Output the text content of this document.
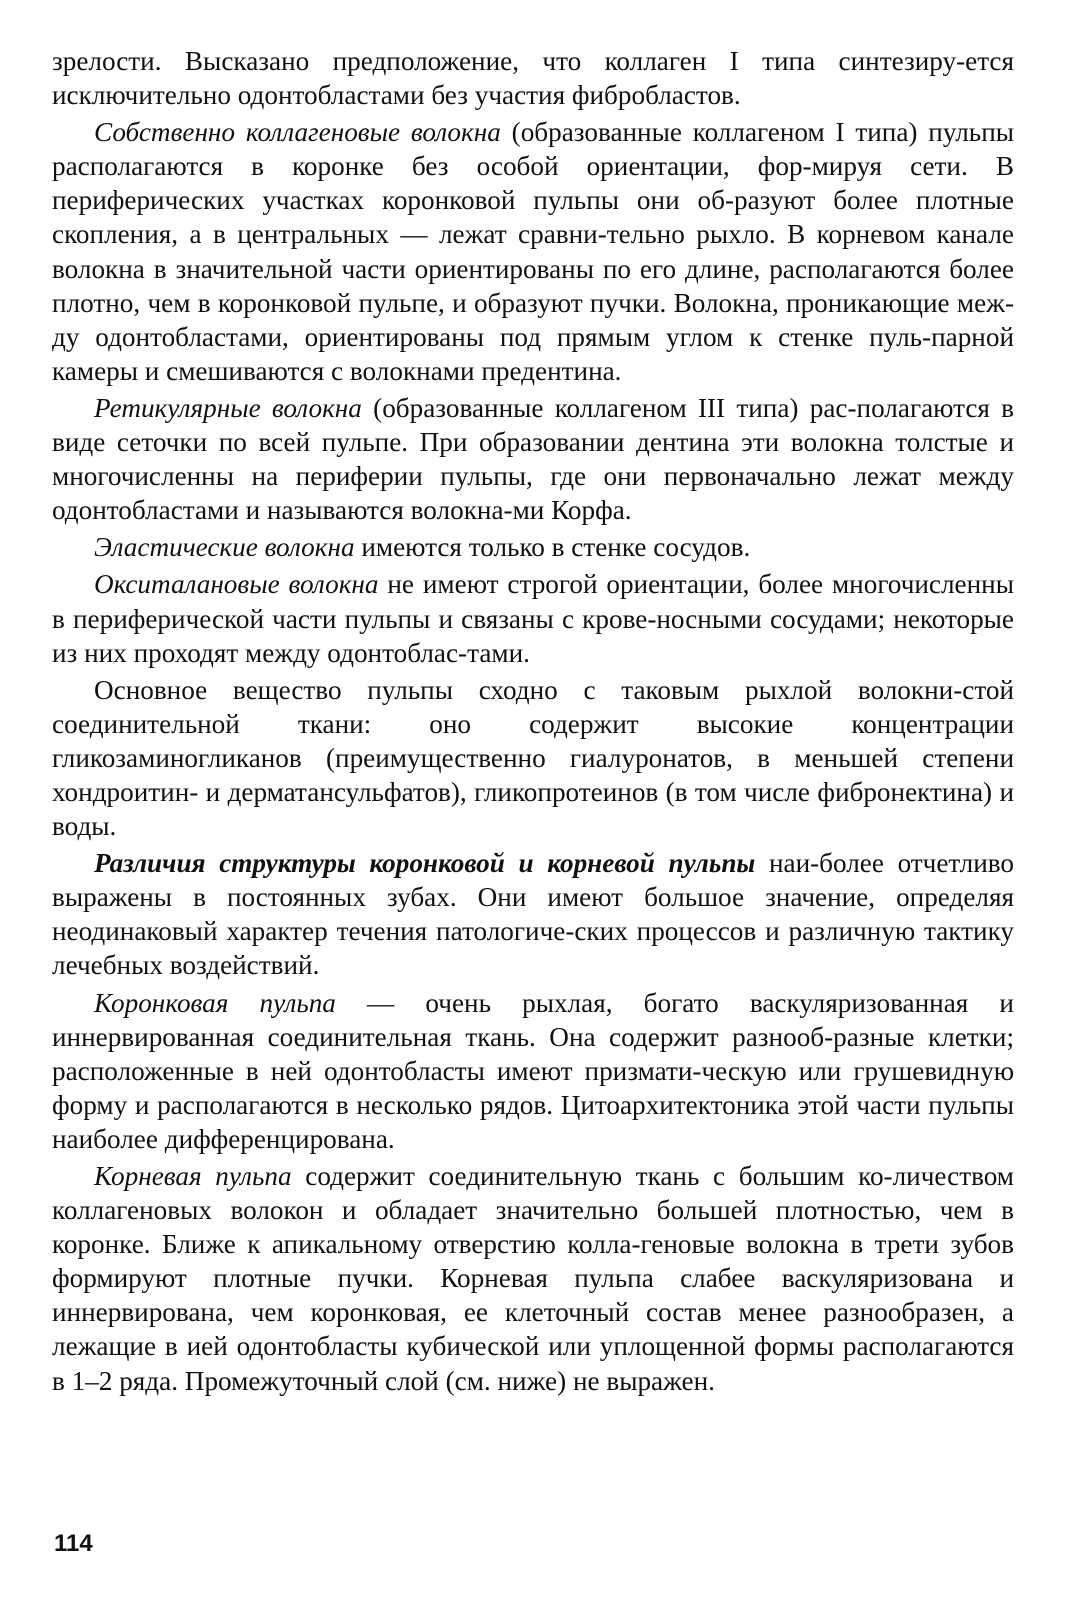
зрелости. Высказано предположение, что коллаген I типа синтезиру-ется исключительно одонтобластами без участия фибробластов.

Собственно коллагеновые волокна (образованные коллагеном I типа) пульпы располагаются в коронке без особой ориентации, фор-мируя сети. В периферических участках коронковой пульпы они об-разуют более плотные скопления, а в центральных — лежат сравни-тельно рыхло. В корневом канале волокна в значительной части ориентированы по его длине, располагаются более плотно, чем в коронковой пульпе, и образуют пучки. Волокна, проникающие меж-ду одонтобластами, ориентированы под прямым углом к стенке пуль-парной камеры и смешиваются с волокнами предентина.

Ретикулярные волокна (образованные коллагеном III типа) рас-полагаются в виде сеточки по всей пульпе. При образовании дентина эти волокна толстые и многочисленны на периферии пульпы, где они первоначально лежат между одонтобластами и называются волокна-ми Корфа.

Эластические волокна имеются только в стенке сосудов.

Окситалановые волокна не имеют строгой ориентации, более многочисленны в периферической части пульпы и связаны с крове-носными сосудами; некоторые из них проходят между одонтоблас-тами.

Основное вещество пульпы сходно с таковым рыхлой волокни-стой соединительной ткани: оно содержит высокие концентрации гликозаминогликанов (преимущественно гиалуронатов, в меньшей степени хондроитин- и дерматансульфатов), гликопротеинов (в том числе фибронектина) и воды.

Различия структуры коронковой и корневой пульпы наи-более отчетливо выражены в постоянных зубах. Они имеют большое значение, определяя неодинаковый характер течения патологиче-ских процессов и различную тактику лечебных воздействий.

Коронковая пульпа — очень рыхлая, богато васкуляризованная и иннервированная соединительная ткань. Она содержит разнооб-разные клетки; расположенные в ней одонтобласты имеют призмати-ческую или грушевидную форму и располагаются в несколько рядов. Цитоархитектоника этой части пульпы наиболее дифференцирована.

Корневая пульпа содержит соединительную ткань с большим ко-личеством коллагеновых волокон и обладает значительно большей плотностью, чем в коронке. Ближе к апикальному отверстию колла-геновые волокна в трети зубов формируют плотные пучки. Корневая пульпа слабее васкуляризована и иннервирована, чем коронковая, ее клеточный состав менее разнообразен, а лежащие в ией одонтобласты кубической или уплощенной формы располагаются в 1–2 ряда. Промежуточный слой (см. ниже) не выражен.

114
